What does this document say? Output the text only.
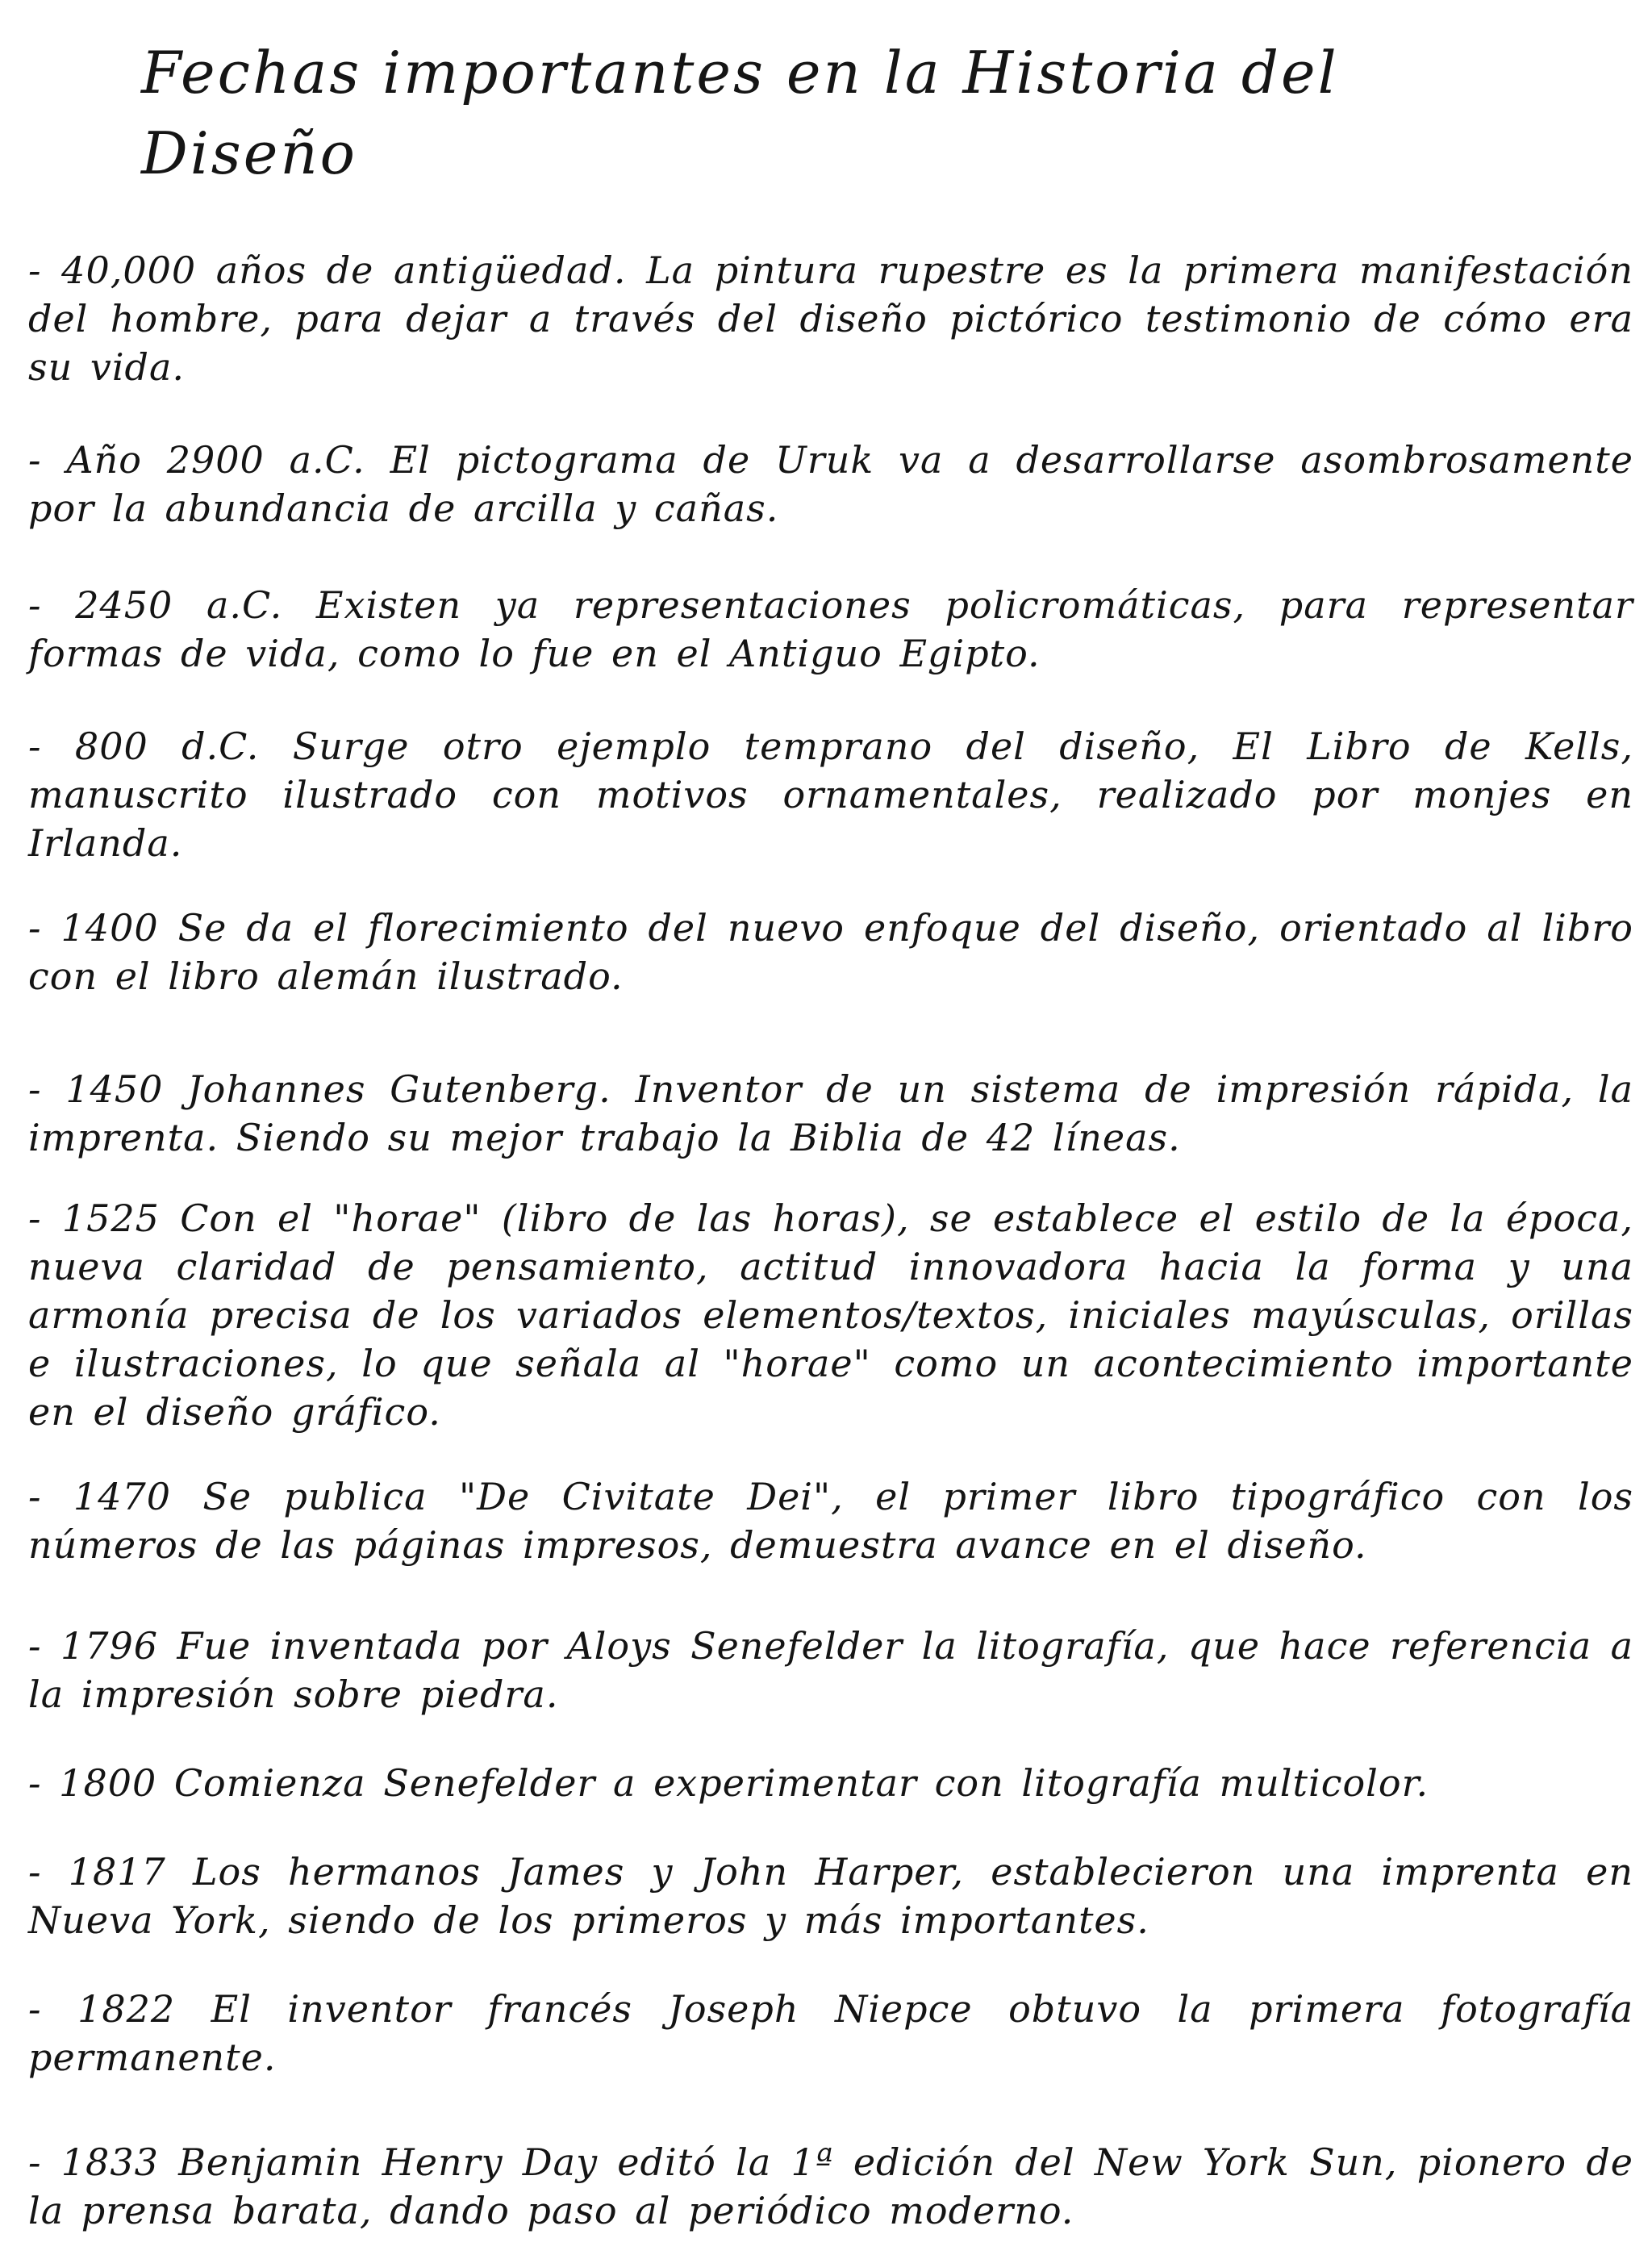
Fechas importantes en la Historia del Diseño
- 40,000 años de antigüedad. La pintura rupestre es la primera manifestación del hombre, para dejar a través del diseño pictórico testimonio de cómo era su vida.
- Año 2900 a.C. El pictograma de Uruk va a desarrollarse asombrosamente por la abundancia de arcilla y cañas.
- 2450 a.C. Existen ya representaciones policromáticas, para representar formas de vida, como lo fue en el Antiguo Egipto.
- 800 d.C. Surge otro ejemplo temprano del diseño, El Libro de Kells, manuscrito ilustrado con motivos ornamentales, realizado por monjes en Irlanda.
- 1400 Se da el florecimiento del nuevo enfoque del diseño, orientado al libro con el libro alemán ilustrado.
- 1450 Johannes Gutenberg. Inventor de un sistema de impresión rápida, la imprenta. Siendo su mejor trabajo la Biblia de 42 líneas.
- 1525 Con el "horae" (libro de las horas), se establece el estilo de la época, nueva claridad de pensamiento, actitud innovadora hacia la forma y una armonía precisa de los variados elementos/textos, iniciales mayúsculas, orillas e ilustraciones, lo que señala al "horae" como un acontecimiento importante en el diseño gráfico.
- 1470 Se publica "De Civitate Dei", el primer libro tipográfico con los números de las páginas impresos, demuestra avance en el diseño.
- 1796 Fue inventada por Aloys Senefelder la litografía, que hace referencia a la impresión sobre piedra.
- 1800 Comienza Senefelder a experimentar con litografía multicolor.
- 1817 Los hermanos James y John Harper, establecieron una imprenta en Nueva York, siendo de los primeros y más importantes.
- 1822 El inventor francés Joseph Niepce obtuvo la primera fotografía permanente.
- 1833 Benjamin Henry Day editó la 1ª edición del New York Sun, pionero de la prensa barata, dando paso al periódico moderno.
